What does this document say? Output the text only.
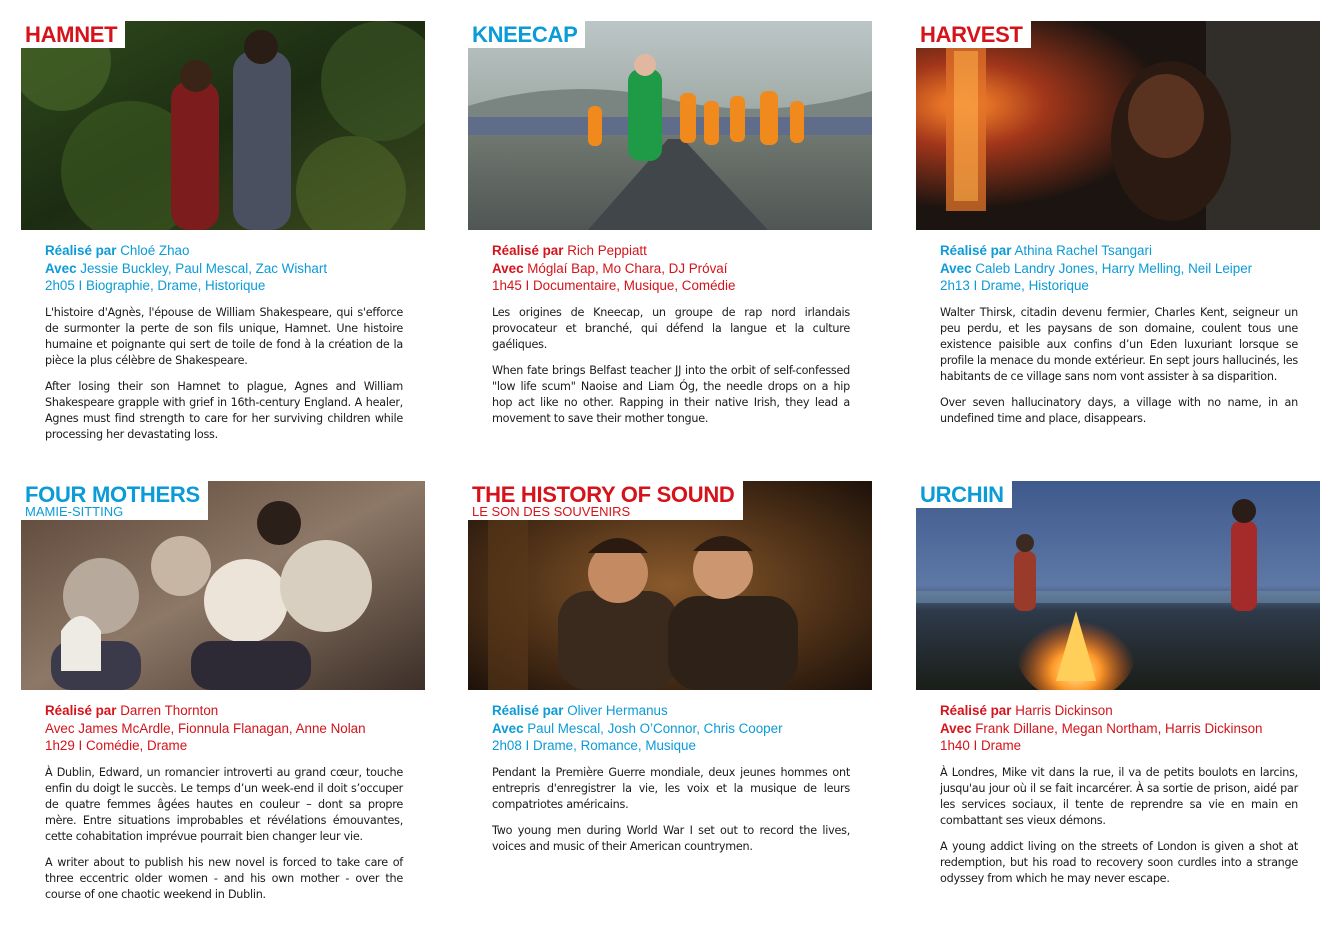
HAMNET
Réalisé par Chloé Zhao
Avec Jessie Buckley, Paul Mescal, Zac Wishart
2h05 I Biographie, Drame, Historique

L'histoire d'Agnès, l'épouse de William Shakespeare, qui s'efforce de surmonter la perte de son fils unique, Hamnet. Une histoire humaine et poignante qui sert de toile de fond à la création de la pièce la plus célèbre de Shakespeare.

After losing their son Hamnet to plague, Agnes and William Shakespeare grapple with grief in 16th-century England. A healer, Agnes must find strength to care for her surviving children while processing her devastating loss.

KNEECAP
Réalisé par Rich Peppiatt
Avec Móglaí Bap, Mo Chara, DJ Próvaí
1h45 I Documentaire, Musique, Comédie

Les origines de Kneecap, un groupe de rap nord irlandais provocateur et branché, qui défend la langue et la culture gaéliques.

When fate brings Belfast teacher JJ into the orbit of self-confessed "low life scum" Naoise and Liam Óg, the needle drops on a hip hop act like no other. Rapping in their native Irish, they lead a movement to save their mother tongue.

HARVEST
Réalisé par Athina Rachel Tsangari
Avec Caleb Landry Jones, Harry Melling, Neil Leiper
2h13 I Drame, Historique

Walter Thirsk, citadin devenu fermier, Charles Kent, seigneur un peu perdu, et les paysans de son domaine, coulent tous une existence paisible aux confins d’un Eden luxuriant lorsque se profile la menace du monde extérieur. En sept jours hallucinés, les habitants de ce village sans nom vont assister à sa disparition.

Over seven hallucinatory days, a village with no name, in an undefined time and place, disappears.

FOUR MOTHERS
MAMIE-SITTING
Réalisé par Darren Thornton
Avec James McArdle, Fionnula Flanagan, Anne Nolan
1h29 I Comédie, Drame

À Dublin, Edward, un romancier introverti au grand cœur, touche enfin du doigt le succès. Le temps d’un week-end il doit s’occuper de quatre femmes âgées hautes en couleur – dont sa propre mère. Entre situations improbables et révélations émouvantes, cette cohabitation imprévue pourrait bien changer leur vie.

A writer about to publish his new novel is forced to take care of three eccentric older women - and his own mother - over the course of one chaotic weekend in Dublin.

THE HISTORY OF SOUND
LE SON DES SOUVENIRS
Réalisé par Oliver Hermanus
Avec Paul Mescal, Josh O’Connor, Chris Cooper
2h08 I Drame, Romance, Musique

Pendant la Première Guerre mondiale, deux jeunes hommes ont entrepris d'enregistrer la vie, les voix et la musique de leurs compatriotes américains.

Two young men during World War I set out to record the lives, voices and music of their American countrymen.

URCHIN
Réalisé par Harris Dickinson
Avec Frank Dillane, Megan Northam, Harris Dickinson
1h40 I Drame

À Londres, Mike vit dans la rue, il va de petits boulots en larcins, jusqu'au jour où il se fait incarcérer. À sa sortie de prison, aidé par les services sociaux, il tente de reprendre sa vie en main en combattant ses vieux démons.

A young addict living on the streets of London is given a shot at redemption, but his road to recovery soon curdles into a strange odyssey from which he may never escape.
